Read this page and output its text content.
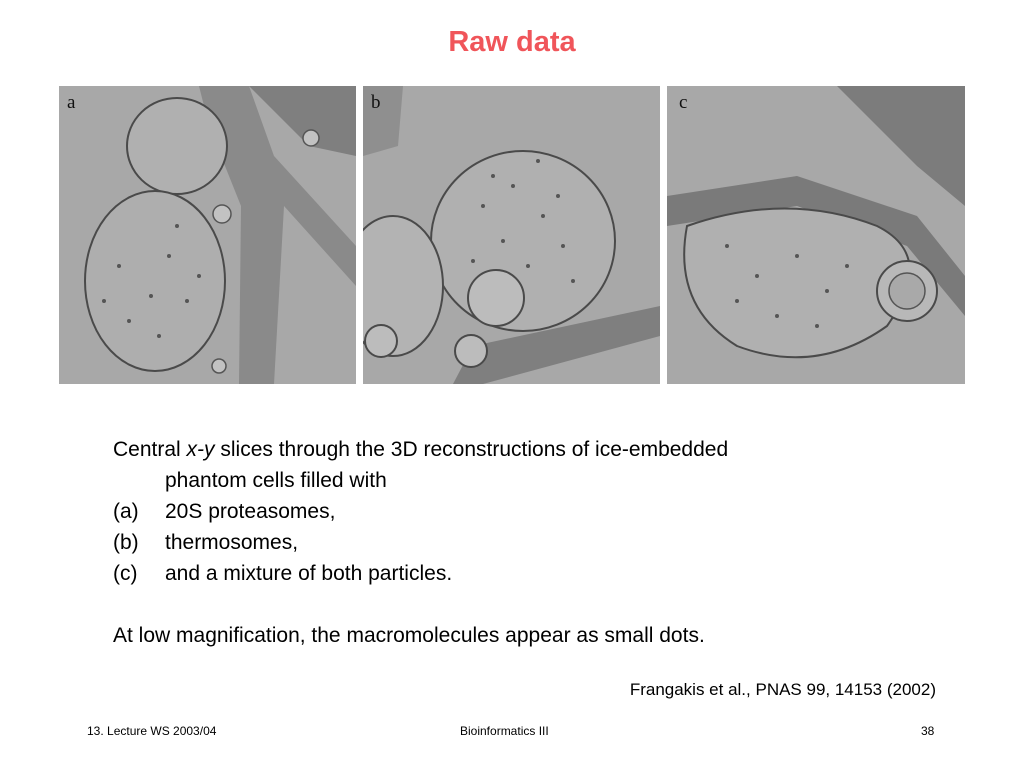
Raw data
a	b	c
Central x-y slices through the 3D reconstructions of ice-embedded
phantom cells filled with
(a)	20S proteasomes,
(b)	thermosomes,
(c)	and a mixture of both particles.
At low magnification, the macromolecules appear as small dots.
Frangakis et al., PNAS 99, 14153 (2002)
13. Lecture WS 2003/04	Bioinformatics III	38
